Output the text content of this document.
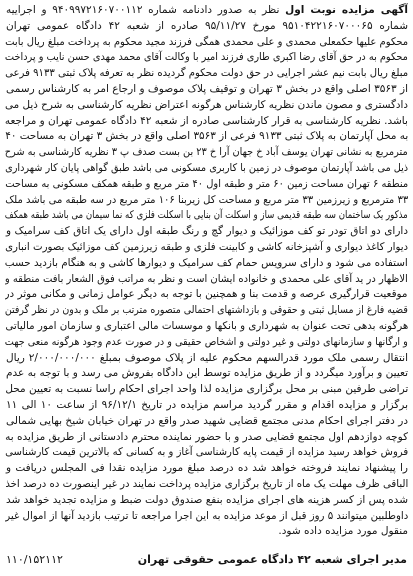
آگهی مزایده نوبت اول نظر به صدور دادنامه شماره ۹۴۰۹۹۷۲۱۶۰۷۰۰۱۱۲ و اجراییه
شماره ۹۵۱۰۴۲۲۱۶۰۷۰۰۰۶۵ مورخ ۹۵/۱۱/۲۷ صادره از شعبه ۴۲ دادگاه عمومی تهران
محکوم علیها حکمعلی محمدی و علی محمدی همگی فرزند مجید محکوم به پرداخت مبلغ ریال بابت
محکوم به در حق آقای رضا اکبری طاری فرزند امیر با وکالت آقای محمد مهدی حسن نایب و پرداخت
مبلغ ریال بابت نیم عشر اجرایی در حق دولت محکوم گردیده نظر به تعرفه پلاک ثبتی ۹۱۳۳ فرعی
از ۳۵۶۳ اصلی واقع در بخش ۳ تهران و توقیف پلاک موصوف و ارجاع امر به کارشناس رسمی
دادگستری و مصون ماندن نظریه کارشناس هرگونه اعتراض نظریه کارشناسی به شرح ذیل می
باشد. نظریه کارشناسی به قرار کارشناسی صادره از شعبه ۴۲ دادگاه عمومی تهران و مراجعه
به محل آپارتمان به پلاک ثبتی ۹۱۳۳ فرعی از ۳۵۶۳ اصلی واقع در بخش ۳ تهران به مساحت ۴۰
مترمربع به نشانی تهران یوسف آباد خ جهان آرا خ ۲۳ بن بست صدف پ ۳ نظریه کارشناسی به شرح
ذیل می باشد آپارتمان موصوف در زمین با کاربری مسکونی می باشد طبق گواهی پایان کار شهرداری
منطقه ۶ تهران مساحت زمین ۶۰ متر و طبقه اول ۴۰ متر مربع و طبقه همکف مسکونی به مساحت
۳۳ مترمربع و زیرزمین ۳۳ متر مربع و مساحت کل زیربنا ۱۰۶ متر مربع در سه طبقه می باشد ملک
مذکور یک ساختمان سه طبقه قدیمی ساز و اسکلت آن بنایی با اسکلت فلزی که نما سیمان می باشد طبقه همکف
دارای دو اتاق تودر تو کف موزائیک و دیوار گچ و رنگ طبقه اول دارای یک اتاق کف سرامیک و
دیوار کاغذ دیواری و آشپزخانه کاشی و کابینت فلزی و طبقه زیرزمین کف موزائیک بصورت انباری
استفاده می شود و دارای سرویس حمام کف سرامیک و دیوارها کاشی و به هنگام بازدید حسب
الاظهار در ید آقای علی محمدی و خانواده ایشان است و نظر به مراتب فوق الشعار بافت منطقه و
موقعیت قرارگیری عرصه و قدمت بنا و همچنین با توجه به دیگر عوامل زمانی و مکانی موثر در
قضیه فارغ از مسایل ثبتی و حقوقی و بازداشتهای احتمالی متصوره مترتب بر ملک و بدون در نظر گرفتن
هرگونه بدهی تحت عنوان به شهرداری و بانکها و موسسات مالی اعتباری و سازمان امور مالیاتی
و ارگانها و سازمانهای دولتی و غیر دولتی و اشخاص حقیقی و در صورت عدم وجود هرگونه منعی جهت
انتقال رسمی ملک مورد قدرالسهم محکوم علیه از پلاک موصوف بمبلغ ۲/۰۰۰/۰۰۰/۰۰۰ ریال
تعیین و برآورد میگردد و از طریق مزایده توسط این دادگاه بفروش می رسد و با توجه به عدم
تراضی طرفین مبنی بر محل برگزاری مزایده لذا واحد اجرای احکام راسا نسبت به تعیین محل
برگزار و مزایده اقدام و مقرر گردید مراسم مزایده در تاریخ ۹۶/۱۲/۱ از ساعت ۱۰ الی ۱۱
در دفتر اجرای احکام مدنی مجتمع قضایی شهید صدر واقع در تهران خیابان شیخ بهایی شمالی
کوچه دوازدهم اول مجتمع قضایی صدر و با حضور نماینده محترم دادستانی از طریق مزایده به
فروش خواهد رسید مزایده از قیمت پایه کارشناسی آغاز و به کسانی که بالاترین قیمت کارشناسی
را پیشنهاد نمایند فروخته خواهد شد ده درصد مبلغ مورد مزایده نقدا فی المجلس دریافت و
الباقی ظرف مهلت یک ماه از تاریخ برگزاری مزایده پرداخت نمایند در غیر اینصورت ده درصد اخذ
شده پس از کسر هزینه های اجرای مزایده بنفع صندوق دولت ضبط و مزایده تجدید خواهد شد
داوطلبین میتوانند ۵ روز قبل از موعد مزایده به این اجرا مراجعه تا ترتیب بازدید آنها از اموال غیر
منقول مورد مزایده داده شود.
مدیر اجرای شعبه ۴۲ دادگاه عمومی حقوقی تهران
۱۱۰/۱۵۲۱۱۲
